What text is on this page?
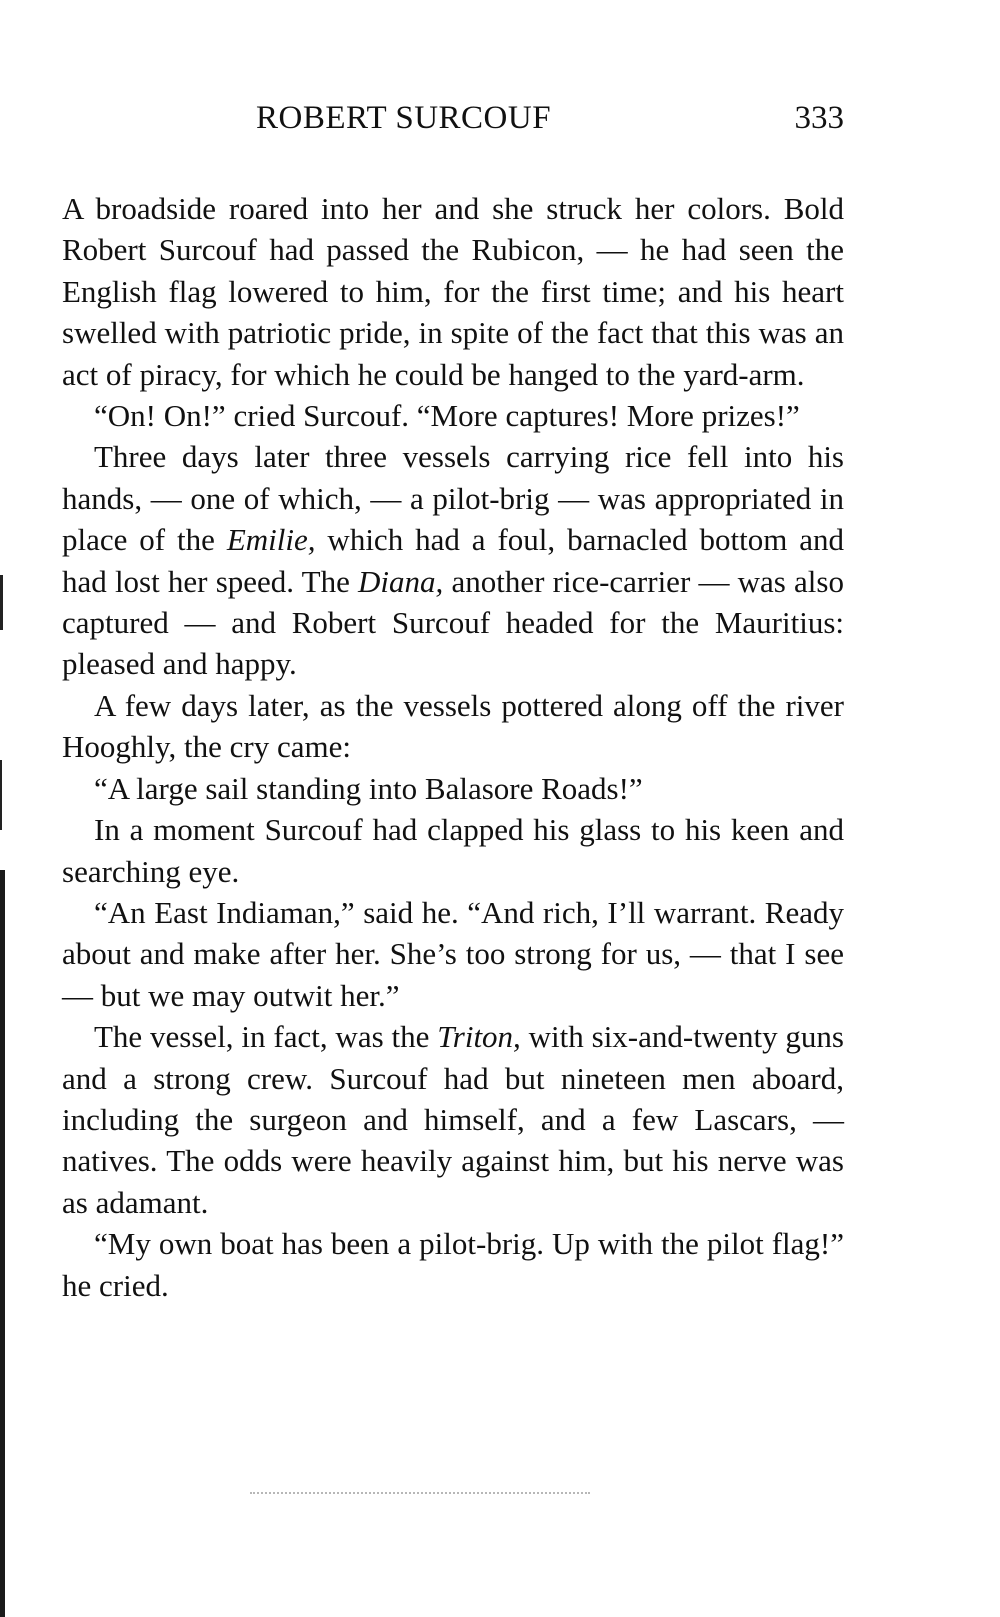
ROBERT SURCOUF	333

A broadside roared into her and she struck her colors. Bold Robert Surcouf had passed the Rubicon, — he had seen the English flag lowered to him, for the first time; and his heart swelled with patriotic pride, in spite of the fact that this was an act of piracy, for which he could be hanged to the yard-arm.

“On! On!” cried Surcouf. “More captures! More prizes!”

Three days later three vessels carrying rice fell into his hands, — one of which, — a pilot-brig — was appropriated in place of the Emilie, which had a foul, barnacled bottom and had lost her speed. The Diana, another rice-carrier — was also captured — and Robert Surcouf headed for the Mauritius: pleased and happy.

A few days later, as the vessels pottered along off the river Hooghly, the cry came:

“A large sail standing into Balasore Roads!”

In a moment Surcouf had clapped his glass to his keen and searching eye.

“An East Indiaman,” said he. “And rich, I’ll warrant. Ready about and make after her. She’s too strong for us, — that I see — but we may outwit her.”

The vessel, in fact, was the Triton, with six-and-twenty guns and a strong crew. Surcouf had but nineteen men aboard, including the surgeon and himself, and a few Lascars, — natives. The odds were heavily against him, but his nerve was as adamant.

“My own boat has been a pilot-brig. Up with the pilot flag!” he cried.
